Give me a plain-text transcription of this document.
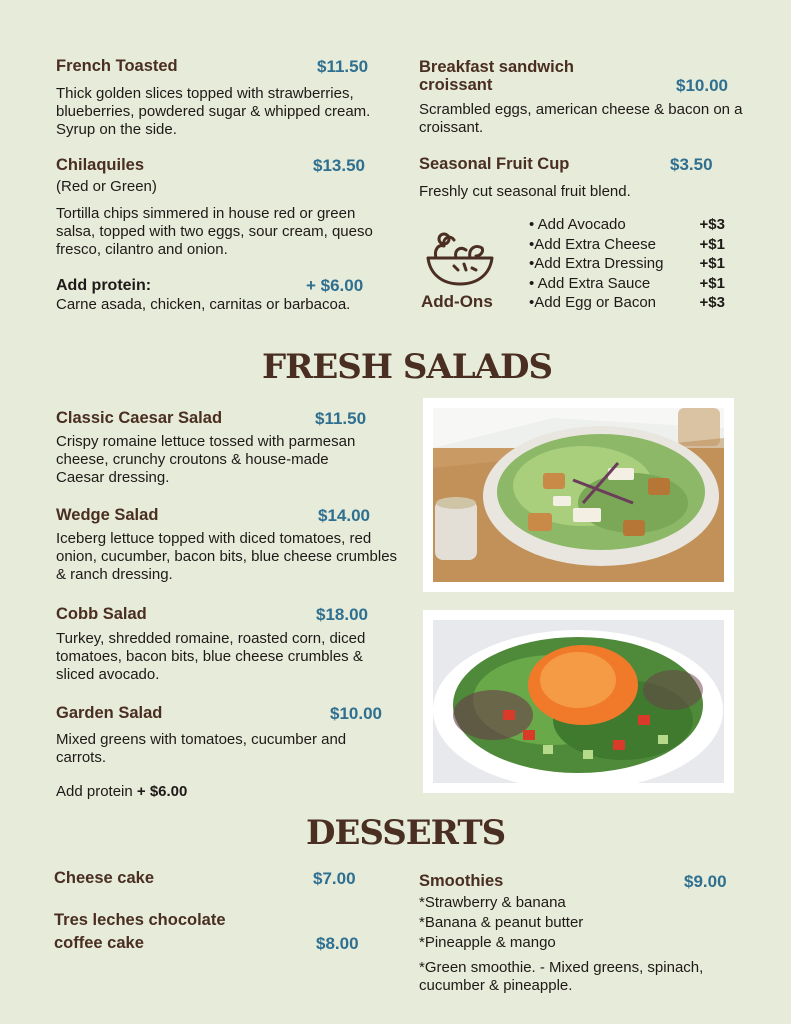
French Toasted	$11.50
Thick golden slices topped with strawberries, blueberries, powdered sugar & whipped cream. Syrup on the side.
Chilaquiles	$13.50
(Red or Green)
Tortilla chips simmered in house red or green salsa, topped with two eggs, sour cream, queso fresco, cilantro and onion.
Add protein:	+ $6.00
Carne asada, chicken, carnitas or barbacoa.
Breakfast sandwich
croissant	$10.00
Scrambled eggs, american cheese & bacon on a croissant.
Seasonal Fruit Cup	$3.50
Freshly cut seasonal fruit blend.
Add-Ons
• Add Avocado	+$3
•Add Extra Cheese	+$1
•Add Extra Dressing +$1
• Add Extra Sauce	+$1
•Add Egg or Bacon	+$3
FRESH SALADS
Classic Caesar Salad	$11.50
Crispy romaine lettuce tossed with parmesan cheese, crunchy croutons & house-made Caesar dressing.
Wedge Salad	$14.00
Iceberg lettuce topped with diced tomatoes, red onion, cucumber, bacon bits, blue cheese crumbles & ranch dressing.
Cobb Salad	$18.00
Turkey, shredded romaine, roasted corn, diced tomatoes, bacon bits, blue cheese crumbles & sliced avocado.
Garden Salad	$10.00
Mixed greens with tomatoes, cucumber and carrots.
Add protein + $6.00
DESSERTS
Cheese cake	$7.00
Tres leches chocolate
coffee cake	$8.00
Smoothies	$9.00
*Strawberry & banana
*Banana & peanut butter
*Pineapple & mango
*Green smoothie. - Mixed greens, spinach, cucumber & pineapple.
